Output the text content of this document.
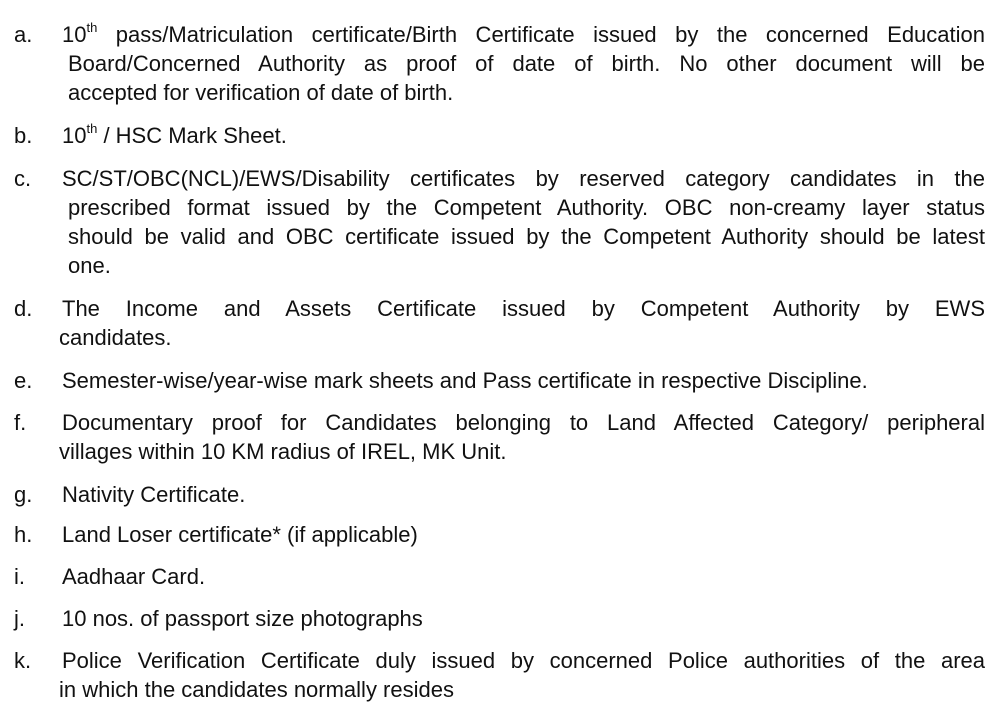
a. 10th pass/Matriculation certificate/Birth Certificate issued by the concerned Education
Board/Concerned Authority as proof of date of birth. No other document will be
accepted for verification of date of birth.
b. 10th / HSC Mark Sheet.
c. SC/ST/OBC(NCL)/EWS/Disability certificates by reserved category candidates in the
prescribed format issued by the Competent Authority. OBC non-creamy layer status
should be valid and OBC certificate issued by the Competent Authority should be latest
one.
d. The Income and Assets Certificate issued by Competent Authority by EWS
candidates.
e. Semester-wise/year-wise mark sheets and Pass certificate in respective Discipline.
f. Documentary proof for Candidates belonging to Land Affected Category/ peripheral
villages within 10 KM radius of IREL, MK Unit.
g. Nativity Certificate.
h. Land Loser certificate* (if applicable)
i. Aadhaar Card.
j. 10 nos. of passport size photographs
k. Police Verification Certificate duly issued by concerned Police authorities of the area
in which the candidates normally resides
